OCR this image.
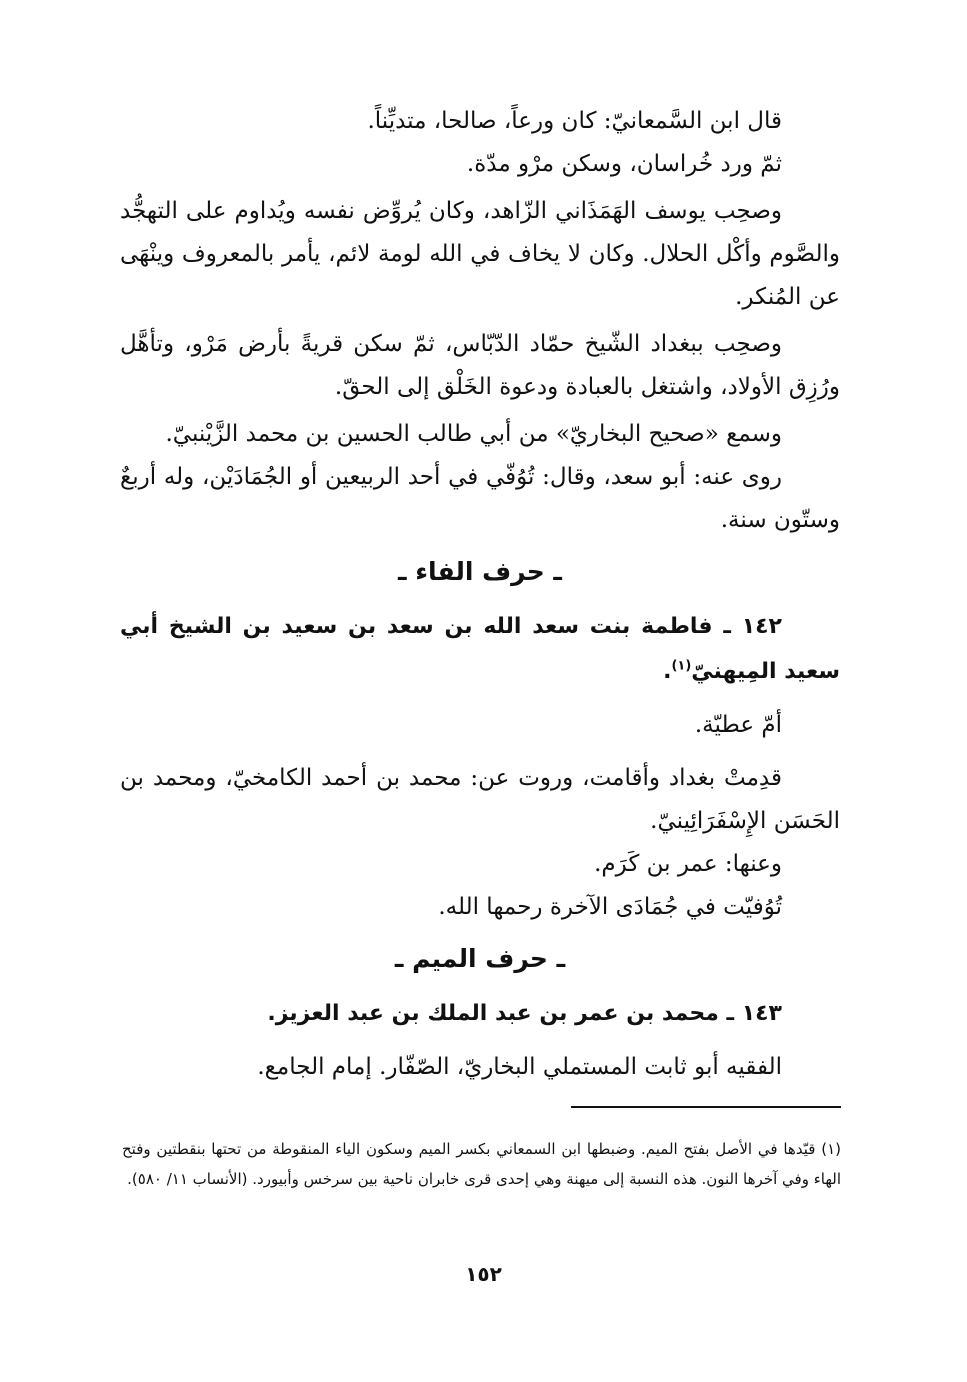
قال ابن السَّمعانيّ: كان ورعاً، صالحا، متديِّناً.

ثمّ ورد خُراسان، وسكن مرْو مدّة.

وصحِب يوسف الهَمَذَاني الزّاهد، وكان يُروِّض نفسه ويُداوم على التهجُّد والصَّوم وأكْل الحلال. وكان لا يخاف في الله لومة لائم، يأمر بالمعروف وينْهَى عن المُنكر.

وصحِب ببغداد الشّيخ حمّاد الدّبّاس، ثمّ سكن قريةً بأرض مَرْو، وتأهَّل ورُزِق الأولاد، واشتغل بالعبادة ودعوة الخَلْق إلى الحقّ.

وسمع «صحيح البخاريّ» من أبي طالب الحسين بن محمد الزَّيْنبيّ.

روى عنه: أبو سعد، وقال: تُوُفّي في أحد الربيعين أو الجُمَادَيْن، وله أربعٌ وستّون سنة.

ـ حرف الفاء ـ

١٤٢ ـ فاطمة بنت سعد الله بن سعد بن سعيد بن الشيخ أبي سعيد المِيهنيّ$^{(١)}$.

أمّ عطيّة.

قدِمتْ بغداد وأقامت، وروت عن: محمد بن أحمد الكامخيّ، ومحمد بن الحَسَن الإِسْفَرَائِينيّ.

وعنها: عمر بن كَرَم.

تُوُفيّت في جُمَادَى الآخرة رحمها الله.

ـ حرف الميم ـ

١٤٣ ـ محمد بن عمر بن عبد الملك بن عبد العزيز.

الفقيه أبو ثابت المستملي البخاريّ، الصّفّار. إمام الجامع.

(١) قيّدها في الأصل بفتح الميم. وضبطها ابن السمعاني بكسر الميم وسكون الياء المنقوطة من تحتها بنقطتين وفتح الهاء وفي آخرها النون. هذه النسبة إلى ميهنة وهي إحدى قرى خابران ناحية بين سرخس وأبيورد. (الأنساب ١١/ ٥٨٠).

١٥٢
